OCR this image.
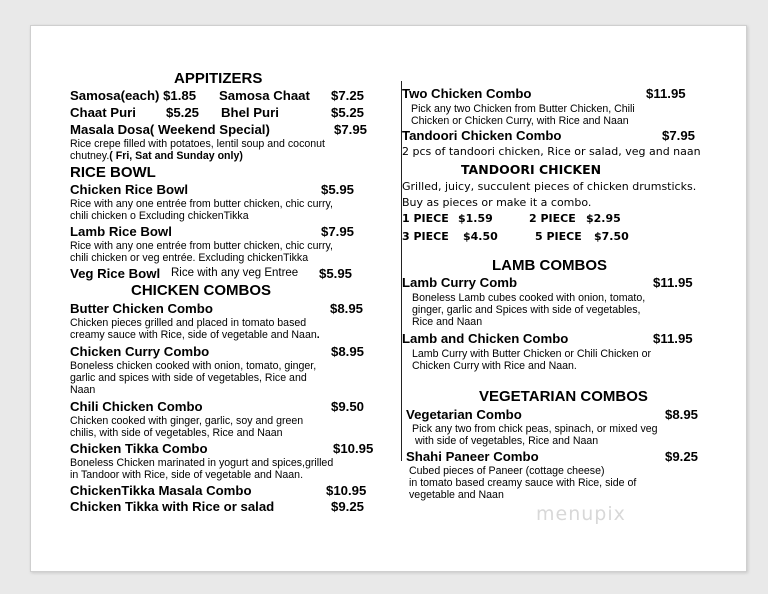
APPITIZERS
Samosa(each) $1.85 Samosa Chaat $7.25
Chaat Puri $5.25 Bhel Puri	$5.25
Masala Dosa( Weekend Special)	$7.95
Rice crepe filled with potatoes, lentil soup and coconut
chutney.( Fri, Sat and Sunday only)
RICE BOWL
Chicken Rice Bowl	$5.95
Rice with any one entrée from butter chicken, chic curry,
chili chicken o Excluding chickenTikka
Lamb Rice Bowl	$7.95
Rice with any one entrée from butter chicken, chic curry,
chili chicken or veg entrée. Excluding chickenTikka
Veg Rice Bowl Rice with any veg Entree $5.95
CHICKEN COMBOS
Butter Chicken Combo	$8.95
Chicken pieces grilled and placed in tomato based
creamy sauce with Rice, side of vegetable and Naan.
Chicken Curry Combo	$8.95
Boneless chicken cooked with onion, tomato, ginger,
garlic and spices with side of vegetables, Rice and
Naan
Chili Chicken Combo	$9.50
Chicken cooked with ginger, garlic, soy and green
chilis, with side of vegetables, Rice and Naan
Chicken Tikka Combo	$10.95
Boneless Chicken marinated in yogurt and spices,grilled
in Tandoor with Rice, side of vegetable and Naan.
ChickenTikka Masala Combo	$10.95
Chicken Tikka with Rice or salad	$9.25
Two Chicken Combo	$11.95
Pick any two Chicken from Butter Chicken, Chili
Chicken or Chicken Curry, with Rice and Naan
Tandoori Chicken Combo	$7.95
2 pcs of tandoori chicken, Rice or salad, veg and naan
TANDOORI CHICKEN
Grilled, juicy, succulent pieces of chicken drumsticks.
Buy as pieces or make it a combo.
1 PIECE $1.59	2 PIECE $2.95
3 PIECE $4.50	5 PIECE $7.50
LAMB COMBOS
Lamb Curry Comb	$11.95
Boneless Lamb cubes cooked with onion, tomato,
ginger, garlic and Spices with side of vegetables,
Rice and Naan
Lamb and Chicken Combo	$11.95
Lamb Curry with Butter Chicken or Chili Chicken or
Chicken Curry with Rice and Naan.
VEGETARIAN COMBOS
Vegetarian Combo	$8.95
Pick any two from chick peas, spinach, or mixed veg
with side of vegetables, Rice and Naan
Shahi Paneer Combo	$9.25
Cubed pieces of Paneer (cottage cheese)
in tomato based creamy sauce with Rice, side of
vegetable and Naan
menupix
